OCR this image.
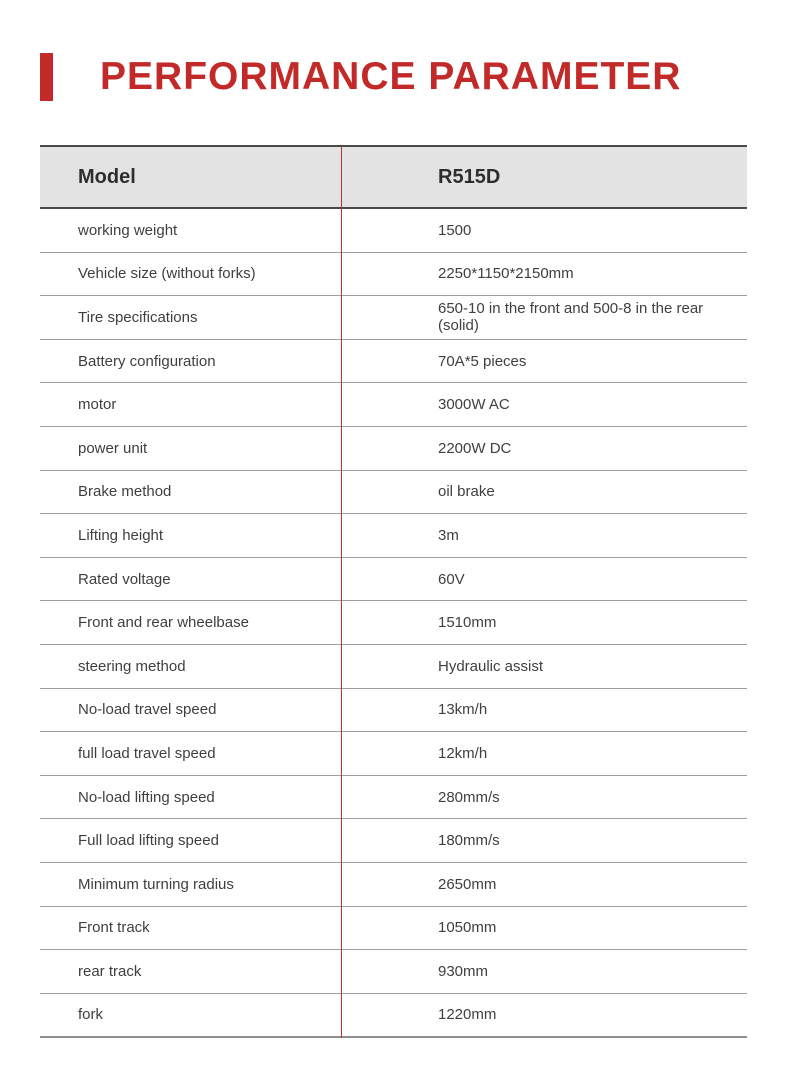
PERFORMANCE PARAMETER
Model	R515D
working weight	1500
Vehicle size (without forks)	2250*1150*2150mm
Tire specifications	650-10 in the front and 500-8 in the rear (solid)
Battery configuration	70A*5 pieces
motor	3000W AC
power unit	2200W DC
Brake method	oil brake
Lifting height	3m
Rated voltage	60V
Front and rear wheelbase	1510mm
steering method	Hydraulic assist
No-load travel speed	13km/h
full load travel speed	12km/h
No-load lifting speed	280mm/s
Full load lifting speed	180mm/s
Minimum turning radius	2650mm
Front track	1050mm
rear track	930mm
fork	1220mm
